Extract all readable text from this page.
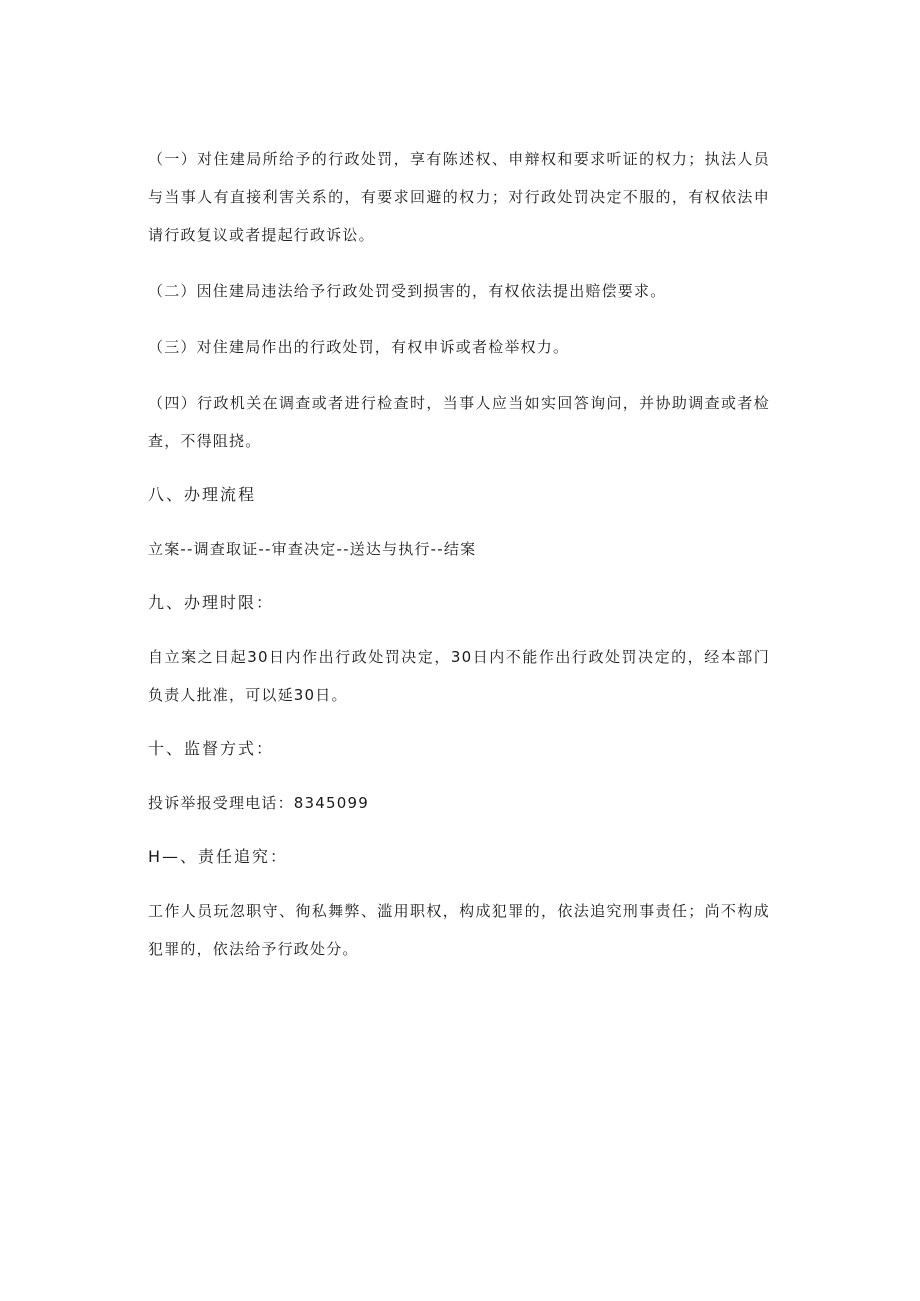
（一）对住建局所给予的行政处罚，享有陈述权、申辩权和要求听证的权力；执法人员与当事人有直接利害关系的，有要求回避的权力；对行政处罚决定不服的，有权依法申请行政复议或者提起行政诉讼。

（二）因住建局违法给予行政处罚受到损害的，有权依法提出赔偿要求。

（三）对住建局作出的行政处罚，有权申诉或者检举权力。

（四）行政机关在调查或者进行检查时，当事人应当如实回答询问，并协助调查或者检查，不得阻挠。

八、办理流程

立案--调查取证--审查决定--送达与执行--结案

九、办理时限：

自立案之日起30日内作出行政处罚决定，30日内不能作出行政处罚决定的，经本部门负责人批准，可以延30日。

十、监督方式：

投诉举报受理电话：8345099

H—、责任追究：

工作人员玩忽职守、徇私舞弊、滥用职权，构成犯罪的，依法追究刑事责任；尚不构成犯罪的，依法给予行政处分。
